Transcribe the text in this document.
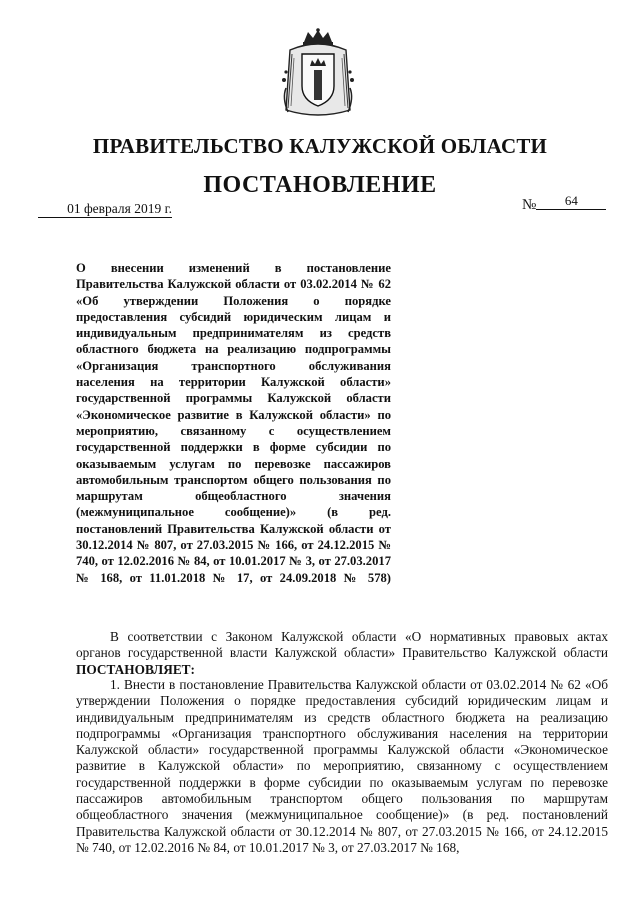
ПРАВИТЕЛЬСТВО КАЛУЖСКОЙ ОБЛАСТИ
ПОСТАНОВЛЕНИЕ
01 февраля 2019 г.	№ 64
О внесении изменений в постановление Правительства Калужской области от 03.02.2014 № 62 «Об утверждении Положения о порядке предоставления субсидий юридическим лицам и индивидуальным предпринимателям из средств областного бюджета на реализацию подпрограммы «Организация транспортного обслуживания населения на территории Калужской области» государственной программы Калужской области «Экономическое развитие в Калужской области» по мероприятию, связанному с осуществлением государственной поддержки в форме субсидии по оказываемым услугам по перевозке пассажиров автомобильным транспортом общего пользования по маршрутам общеобластного значения (межмуниципальное сообщение)» (в ред. постановлений Правительства Калужской области от 30.12.2014 № 807, от 27.03.2015 № 166, от 24.12.2015 № 740, от 12.02.2016 № 84, от 10.01.2017 № 3, от 27.03.2017 № 168, от 11.01.2018 № 17, от 24.09.2018 № 578)
В соответствии с Законом Калужской области «О нормативных правовых актах органов государственной власти Калужской области» Правительство Калужской области ПОСТАНОВЛЯЕТ:
1. Внести в постановление Правительства Калужской области от 03.02.2014 № 62 «Об утверждении Положения о порядке предоставления субсидий юридическим лицам и индивидуальным предпринимателям из средств областного бюджета на реализацию подпрограммы «Организация транспортного обслуживания населения на территории Калужской области» государственной программы Калужской области «Экономическое развитие в Калужской области» по мероприятию, связанному с осуществлением государственной поддержки в форме субсидии по оказываемым услугам по перевозке пассажиров автомобильным транспортом общего пользования по маршрутам общеобластного значения (межмуниципальное сообщение)» (в ред. постановлений Правительства Калужской области от 30.12.2014 № 807, от 27.03.2015 № 166, от 24.12.2015 № 740, от 12.02.2016 № 84, от 10.01.2017 № 3, от 27.03.2017 № 168,
